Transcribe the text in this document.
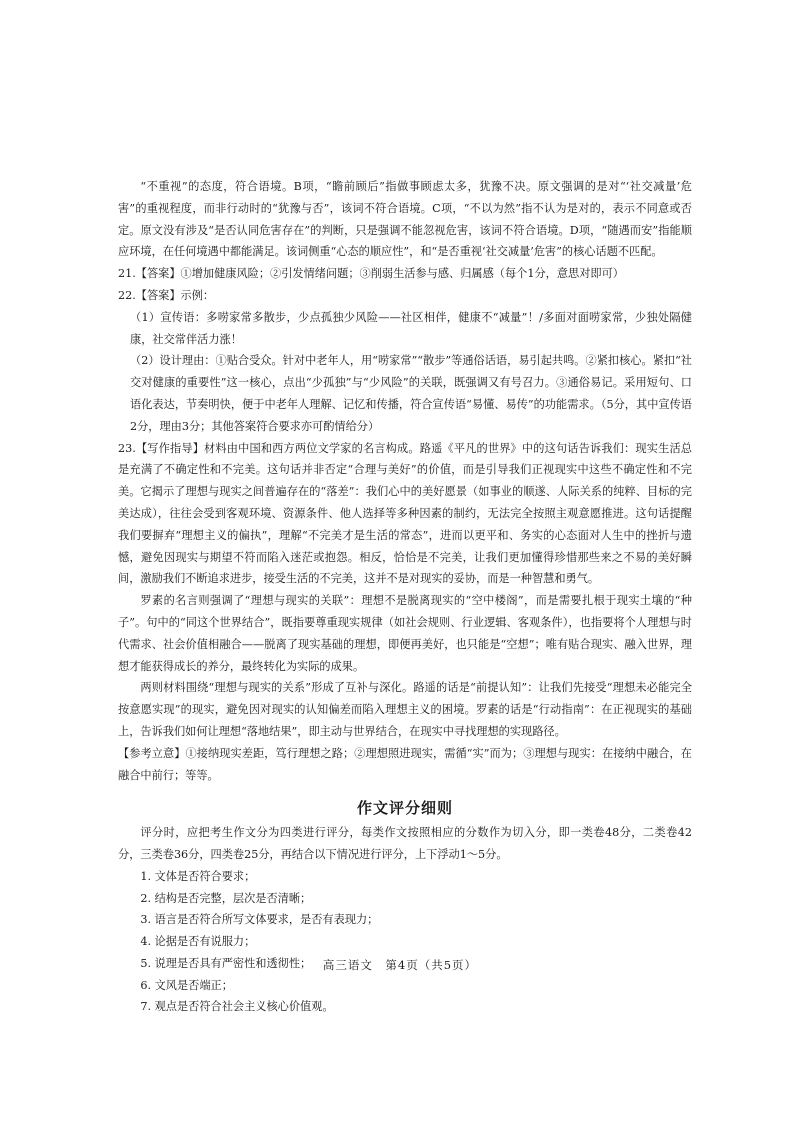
“不重视”的态度，符合语境。B项，“瞻前顾后”指做事顾虑太多，犹豫不决。原文强调的是对“‘社交减量’危害”的重视程度，而非行动时的“犹豫与否”，该词不符合语境。C项，“不以为然”指不认为是对的，表示不同意或否定。原文没有涉及“是否认同危害存在”的判断，只是强调不能忽视危害，该词不符合语境。D项，“随遇而安”指能顺应环境，在任何境遇中都能满足。该词侧重“心态的顺应性”，和“是否重视‘社交减量’危害”的核心话题不匹配。

21.【答案】①增加健康风险；②引发情绪问题；③削弱生活参与感、归属感（每个1分，意思对即可）

22.【答案】示例：

（1）宣传语：多唠家常多散步，少点孤独少风险——社区相伴，健康不“减量”！/多面对面唠家常，少独处隔健康，社交常伴活力涨！

（2）设计理由：①贴合受众。针对中老年人，用“唠家常”“散步”等通俗话语，易引起共鸣。②紧扣核心。紧扣“社交对健康的重要性”这一核心，点出“少孤独”与“少风险”的关联，既强调又有号召力。③通俗易记。采用短句、口语化表达，节奏明快，便于中老年人理解、记忆和传播，符合宣传语“易懂、易传”的功能需求。（5分，其中宣传语2分，理由3分；其他答案符合要求亦可酌情给分）

23.【写作指导】材料由中国和西方两位文学家的名言构成。路遥《平凡的世界》中的这句话告诉我们：现实生活总是充满了不确定性和不完美。这句话并非否定“合理与美好”的价值，而是引导我们正视现实中这些不确定性和不完美。它揭示了理想与现实之间普遍存在的“落差”：我们心中的美好愿景（如事业的顺遂、人际关系的纯粹、目标的完美达成），往往会受到客观环境、资源条件、他人选择等多种因素的制约，无法完全按照主观意愿推进。这句话提醒我们要摒弃“理想主义的偏执”，理解“不完美才是生活的常态”，进而以更平和、务实的心态面对人生中的挫折与遗憾，避免因现实与期望不符而陷入迷茫或抱怨。相反，恰恰是不完美，让我们更加懂得珍惜那些来之不易的美好瞬间，激励我们不断追求进步，接受生活的不完美，这并不是对现实的妥协，而是一种智慧和勇气。

罗素的名言则强调了“理想与现实的关联”：理想不是脱离现实的“空中楼阁”，而是需要扎根于现实土壤的“种子”。句中的“同这个世界结合”，既指要尊重现实规律（如社会规则、行业逻辑、客观条件），也指要将个人理想与时代需求、社会价值相融合——脱离了现实基础的理想，即便再美好，也只能是“空想”；唯有贴合现实、融入世界，理想才能获得成长的养分，最终转化为实际的成果。

两则材料围绕“理想与现实的关系”形成了互补与深化。路遥的话是“前提认知”：让我们先接受“理想未必能完全按意愿实现”的现实，避免因对现实的认知偏差而陷入理想主义的困境。罗素的话是“行动指南”：在正视现实的基础上，告诉我们如何让理想“落地结果”，即主动与世界结合，在现实中寻找理想的实现路径。

【参考立意】①接纳现实差距，笃行理想之路；②理想照进现实，需循“实”而为；③理想与现实：在接纳中融合，在融合中前行；等等。

作文评分细则

评分时，应把考生作文分为四类进行评分，每类作文按照相应的分数作为切入分，即一类卷48分，二类卷42分，三类卷36分，四类卷25分，再结合以下情况进行评分，上下浮动1～5分。

1. 文体是否符合要求；

2. 结构是否完整，层次是否清晰；

3. 语言是否符合所写文体要求，是否有表现力；

4. 论据是否有说服力；

5. 说理是否具有严密性和透彻性；

6. 文风是否端正；

7. 观点是否符合社会主义核心价值观。

高三语文　第4页（共5页）
